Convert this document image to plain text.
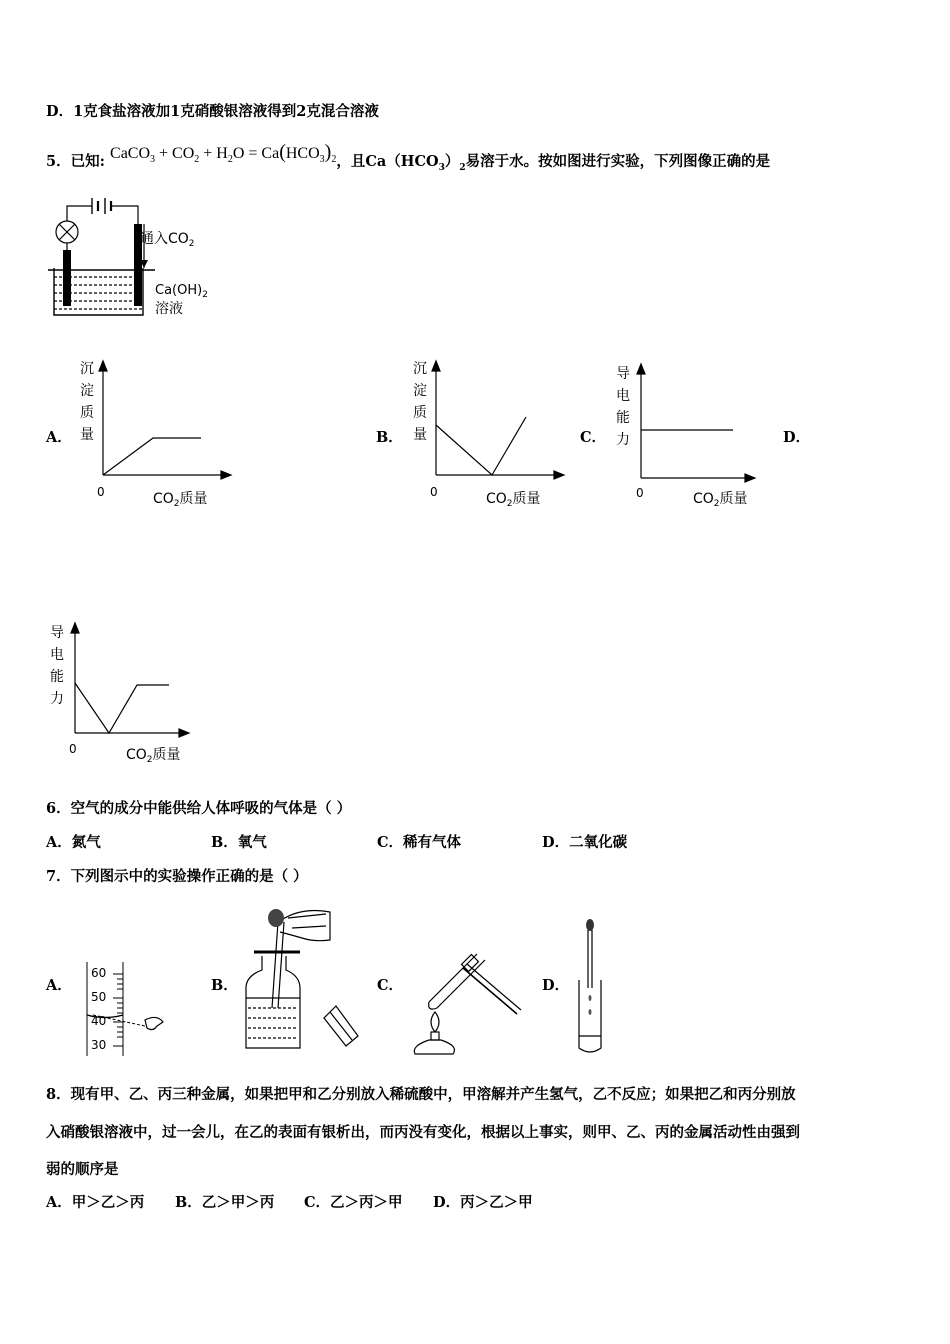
D．1克食盐溶液加1克硝酸银溶液得到2克混合溶液
5．已知: CaCO$_3$ + $CO_2 + H_2O = Ca(HCO_3)_2$，且$Ca(HCO_3)_2$易溶于水。按如图进行实验，下列图像正确的是
通入$CO_2$
$Ca(OH)_2$
溶液
A．	B．	C．	D．
沉
淀
质
量
0	$CO_2$质量
沉
淀
质
量
0	$CO_2$质量
导
电
能
力
0	$CO_2$质量
导
电
能
力
0	$CO_2$质量
6．空气的成分中能供给人体呼吸的气体是（ ）
A．氮气	B．氧气	C．稀有气体	D．二氧化碳
7．下列图示中的实验操作正确的是（ ）
A．	B．	C．	D．
60
50
40
30
8．现有甲、乙、丙三种金属，如果把甲和乙分别放入稀硫酸中，甲溶解并产生氢气，乙不反应；如果把乙和丙分别放
入硝酸银溶液中，过一会儿，在乙的表面有银析出，而丙没有变化，根据以上事实，则甲、乙、丙的金属活动性由强到
弱的顺序是
A．甲＞乙＞丙 B．乙＞甲＞丙 C．乙＞丙＞甲 D．丙＞乙＞甲
